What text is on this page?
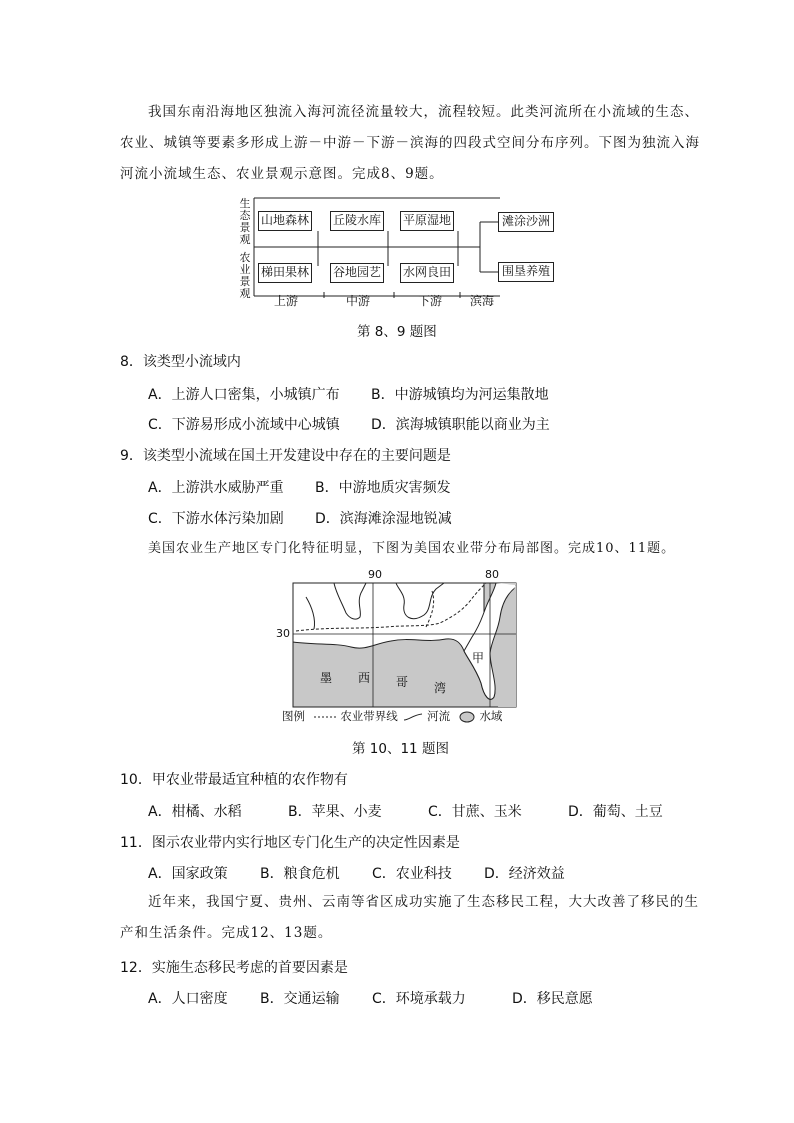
我国东南沿海地区独流入海河流径流量较大，流程较短。此类河流所在小流域的生态、
农业、城镇等要素多形成上游－中游－下游－滨海的四段式空间分布序列。下图为独流入海
河流小流域生态、农业景观示意图。完成8、9题。
生态景观
农业景观
山地森林 丘陵水库 平原湿地	滩涂沙洲
梯田果林 谷地园艺 水网良田	围垦养殖
上游	中游	下游 滨海
第 8、9 题图
8．该类型小流域内
A．上游人口密集，小城镇广布 B．中游城镇均为河运集散地
C．下游易形成小流域中心城镇 D．滨海城镇职能以商业为主
9．该类型小流域在国土开发建设中存在的主要问题是
A．上游洪水威胁严重 B．中游地质灾害频发
C．下游水体污染加剧 D．滨海滩涂湿地锐减
美国农业生产地区专门化特征明显，下图为美国农业带分布局部图。完成10、11题。
90	80
30
墨 西 哥 湾
甲
图例	农业带界线	河流	水域
第 10、11 题图
10．甲农业带最适宜种植的农作物有
A．柑橘、水稻	B．苹果、小麦	C．甘蔗、玉米	D．葡萄、土豆
11．图示农业带内实行地区专门化生产的决定性因素是
A．国家政策 B．粮食危机 C．农业科技 D．经济效益
近年来，我国宁夏、贵州、云南等省区成功实施了生态移民工程，大大改善了移民的生
产和生活条件。完成12、13题。
12．实施生态移民考虑的首要因素是
A．人口密度 B．交通运输 C．环境承载力	D．移民意愿
